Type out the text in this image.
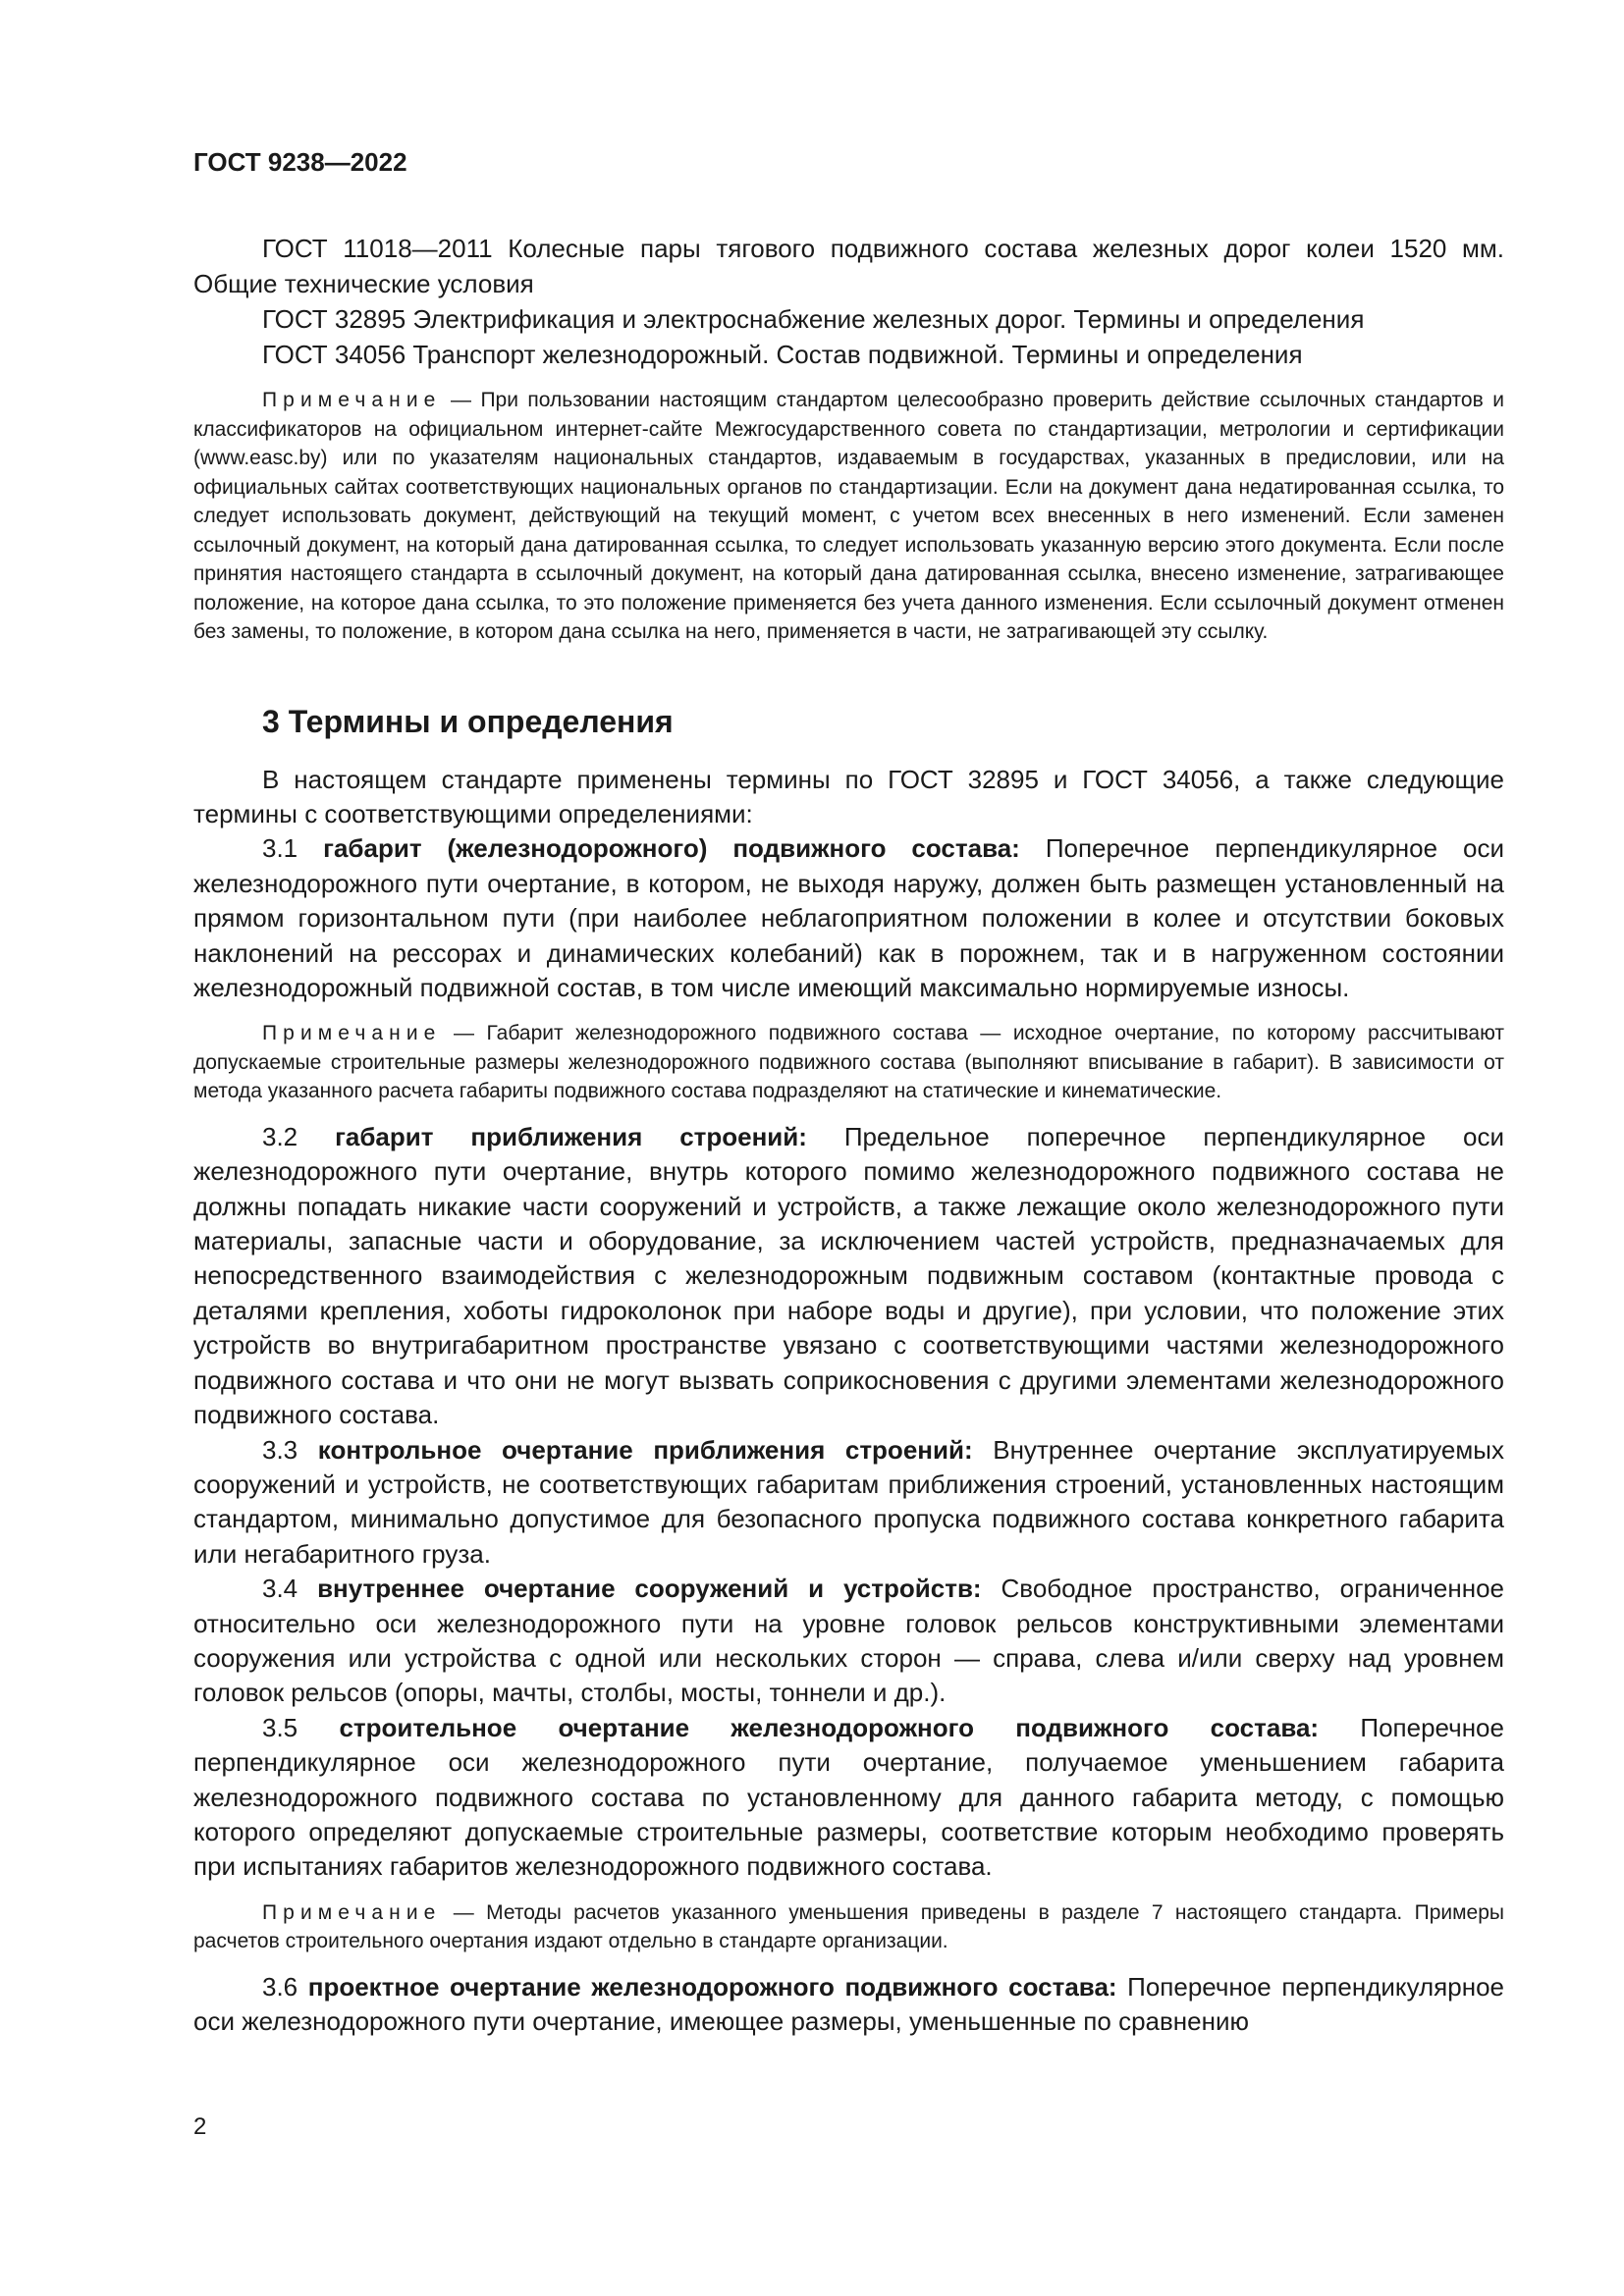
ГОСТ 9238—2022

ГОСТ 11018—2011 Колесные пары тягового подвижного состава железных дорог колеи 1520 мм. Общие технические условия

ГОСТ 32895 Электрификация и электроснабжение железных дорог. Термины и определения

ГОСТ 34056 Транспорт железнодорожный. Состав подвижной. Термины и определения

Примечание — При пользовании настоящим стандартом целесообразно проверить действие ссылочных стандартов и классификаторов на официальном интернет-сайте Межгосударственного совета по стандартизации, метрологии и сертификации (www.easc.by) или по указателям национальных стандартов, издаваемым в государствах, указанных в предисловии, или на официальных сайтах соответствующих национальных органов по стандартизации. Если на документ дана недатированная ссылка, то следует использовать документ, действующий на текущий момент, с учетом всех внесенных в него изменений. Если заменен ссылочный документ, на который дана датированная ссылка, то следует использовать указанную версию этого документа. Если после принятия настоящего стандарта в ссылочный документ, на который дана датированная ссылка, внесено изменение, затрагивающее положение, на которое дана ссылка, то это положение применяется без учета данного изменения. Если ссылочный документ отменен без замены, то положение, в котором дана ссылка на него, применяется в части, не затрагивающей эту ссылку.

3 Термины и определения

В настоящем стандарте применены термины по ГОСТ 32895 и ГОСТ 34056, а также следующие термины с соответствующими определениями:

3.1 габарит (железнодорожного) подвижного состава: Поперечное перпендикулярное оси железнодорожного пути очертание, в котором, не выходя наружу, должен быть размещен установленный на прямом горизонтальном пути (при наиболее неблагоприятном положении в колее и отсутствии боковых наклонений на рессорах и динамических колебаний) как в порожнем, так и в нагруженном состоянии железнодорожный подвижной состав, в том числе имеющий максимально нормируемые износы.

Примечание — Габарит железнодорожного подвижного состава — исходное очертание, по которому рассчитывают допускаемые строительные размеры железнодорожного подвижного состава (выполняют вписывание в габарит). В зависимости от метода указанного расчета габариты подвижного состава подразделяют на статические и кинематические.

3.2 габарит приближения строений: Предельное поперечное перпендикулярное оси железнодорожного пути очертание, внутрь которого помимо железнодорожного подвижного состава не должны попадать никакие части сооружений и устройств, а также лежащие около железнодорожного пути материалы, запасные части и оборудование, за исключением частей устройств, предназначаемых для непосредственного взаимодействия с железнодорожным подвижным составом (контактные провода с деталями крепления, хоботы гидроколонок при наборе воды и другие), при условии, что положение этих устройств во внутригабаритном пространстве увязано с соответствующими частями железнодорожного подвижного состава и что они не могут вызвать соприкосновения с другими элементами железнодорожного подвижного состава.

3.3 контрольное очертание приближения строений: Внутреннее очертание эксплуатируемых сооружений и устройств, не соответствующих габаритам приближения строений, установленных настоящим стандартом, минимально допустимое для безопасного пропуска подвижного состава конкретного габарита или негабаритного груза.

3.4 внутреннее очертание сооружений и устройств: Свободное пространство, ограниченное относительно оси железнодорожного пути на уровне головок рельсов конструктивными элементами сооружения или устройства с одной или нескольких сторон — справа, слева и/или сверху над уровнем головок рельсов (опоры, мачты, столбы, мосты, тоннели и др.).

3.5 строительное очертание железнодорожного подвижного состава: Поперечное перпендикулярное оси железнодорожного пути очертание, получаемое уменьшением габарита железнодорожного подвижного состава по установленному для данного габарита методу, с помощью которого определяют допускаемые строительные размеры, соответствие которым необходимо проверять при испытаниях габаритов железнодорожного подвижного состава.

Примечание — Методы расчетов указанного уменьшения приведены в разделе 7 настоящего стандарта. Примеры расчетов строительного очертания издают отдельно в стандарте организации.

3.6 проектное очертание железнодорожного подвижного состава: Поперечное перпендикулярное оси железнодорожного пути очертание, имеющее размеры, уменьшенные по сравнению

2
